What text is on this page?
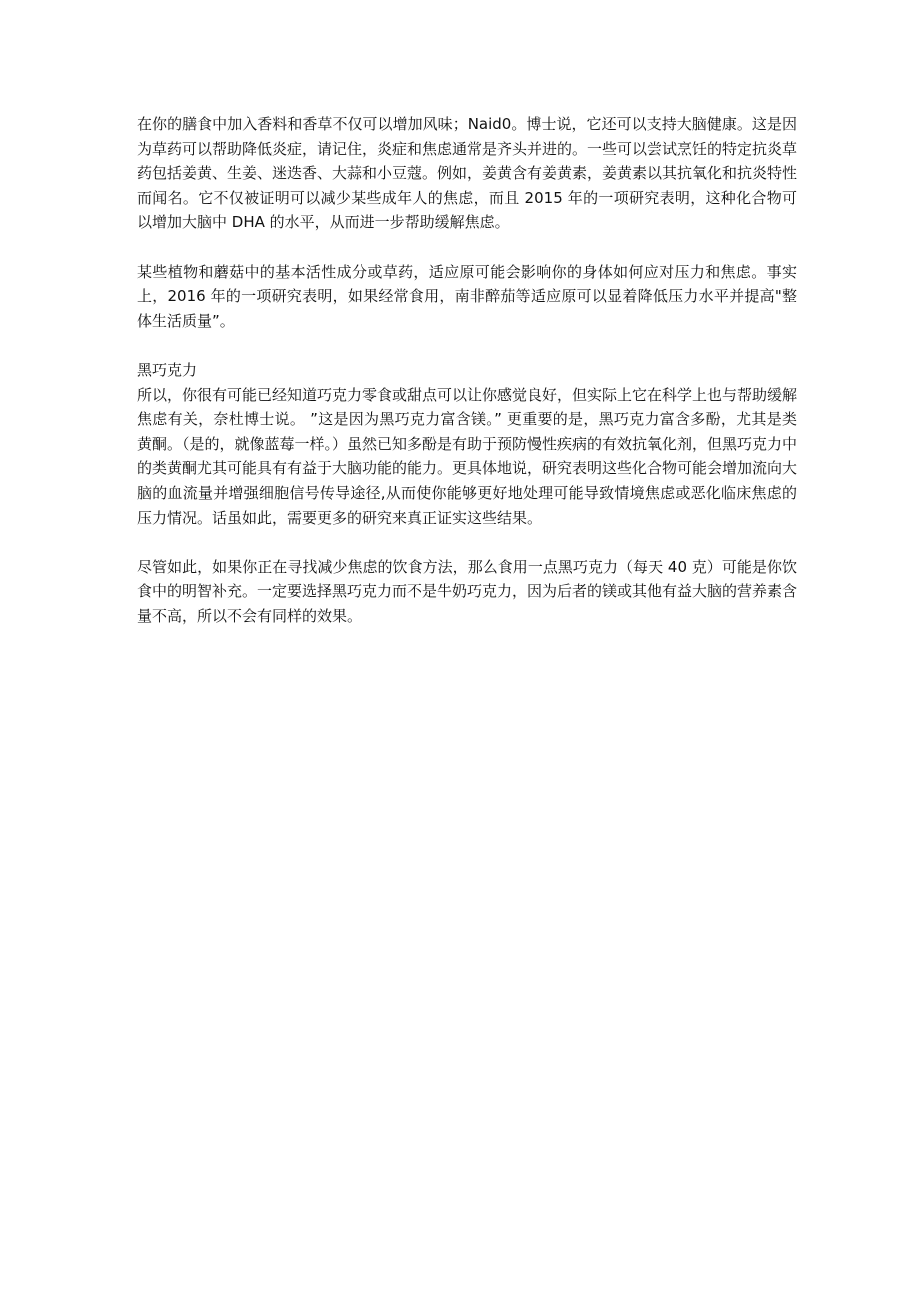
在你的膳食中加入香料和香草不仅可以增加风味；Naid0。博士说，它还可以支持大脑健康。这是因为草药可以帮助降低炎症，请记住，炎症和焦虑通常是齐头并进的。一些可以尝试烹饪的特定抗炎草药包括姜黄、生姜、迷迭香、大蒜和小豆蔻。例如，姜黄含有姜黄素，姜黄素以其抗氧化和抗炎特性而闻名。它不仅被证明可以减少某些成年人的焦虑，而且 2015 年的一项研究表明，这种化合物可以增加大脑中 DHA 的水平，从而进一步帮助缓解焦虑。

某些植物和蘑菇中的基本活性成分或草药，适应原可能会影响你的身体如何应对压力和焦虑。事实上，2016 年的一项研究表明，如果经常食用，南非醉茄等适应原可以显着降低压力水平并提高"整体生活质量”。

黑巧克力

所以，你很有可能已经知道巧克力零食或甜点可以让你感觉良好，但实际上它在科学上也与帮助缓解焦虑有关，奈杜博士说。 ”这是因为黑巧克力富含镁。” 更重要的是，黑巧克力富含多酚，尤其是类黄酮。（是的，就像蓝莓一样。）虽然已知多酚是有助于预防慢性疾病的有效抗氧化剂，但黑巧克力中的类黄酮尤其可能具有有益于大脑功能的能力。更具体地说，研究表明这些化合物可能会增加流向大脑的血流量并增强细胞信号传导途径,从而使你能够更好地处理可能导致情境焦虑或恶化临床焦虑的压力情况。话虽如此，需要更多的研究来真正证实这些结果。

尽管如此，如果你正在寻找减少焦虑的饮食方法，那么食用一点黑巧克力（每天 40 克）可能是你饮食中的明智补充。一定要选择黑巧克力而不是牛奶巧克力，因为后者的镁或其他有益大脑的营养素含量不高，所以不会有同样的效果。
